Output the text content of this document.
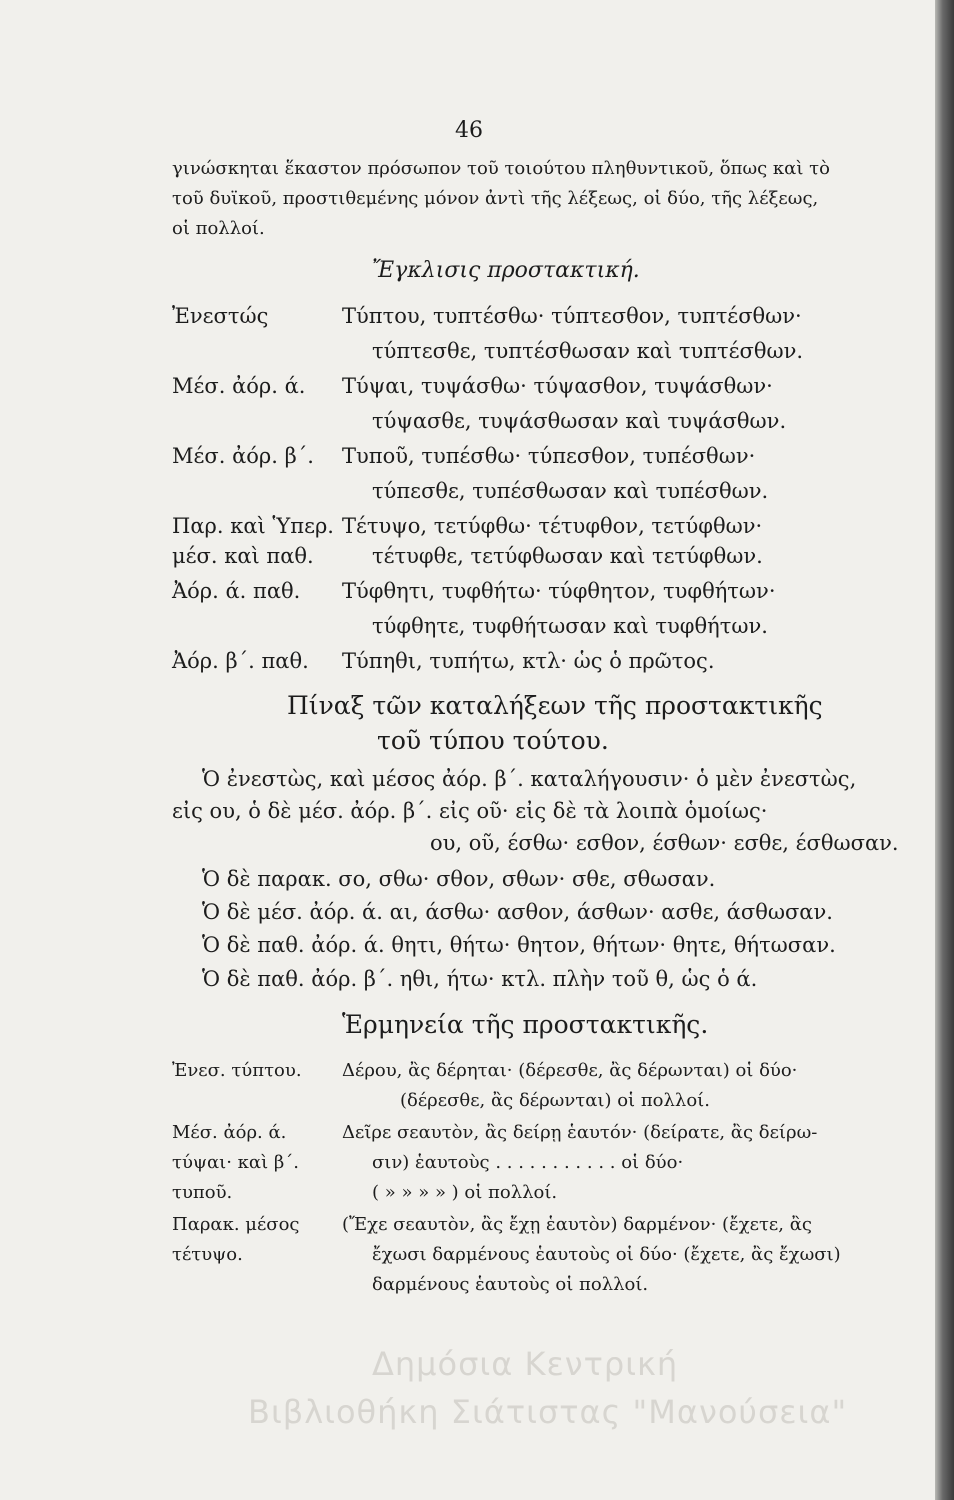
46
γινώσκηται ἕκαστον πρόσωπον τοῦ τοιούτου πληθυντικοῦ, ὅπως καὶ τὸ
τοῦ δυϊκοῦ, προστιθεμένης μόνον ἀντὶ τῆς λέξεως, οἱ δύο, τῆς λέξεως,
οἱ πολλοί.
Ἔγκλισις προστακτική.
Ἐνεστώς	Τύπτου, τυπτέσθω· τύπτεσθον, τυπτέσθων·
τύπτεσθε, τυπτέσθωσαν καὶ τυπτέσθων.
Μέσ. ἀόρ. ά. Τύψαι, τυψάσθω· τύψασθον, τυψάσθων·
τύψασθε, τυψάσθωσαν καὶ τυψάσθων.
Μέσ. ἀόρ. β΄. Τυποῦ, τυπέσθω· τύπεσθον, τυπέσθων·
τύπεσθε, τυπέσθωσαν καὶ τυπέσθων.
Παρ. καὶ Ὑπερ.
μέσ. καὶ παθ.
Τέτυψο, τετύφθω· τέτυφθον, τετύφθων·
τέτυφθε, τετύφθωσαν καὶ τετύφθων.
Ἀόρ. ά. παθ. Τύφθητι, τυφθήτω· τύφθητον, τυφθήτων·
τύφθητε, τυφθήτωσαν καὶ τυφθήτων.
Ἀόρ. β΄. παθ. Τύπηθι, τυπήτω, κτλ· ὡς ὁ πρῶτος.
Πίναξ τῶν καταλήξεων τῆς προστακτικῆς
τοῦ τύπου τούτου.
Ὁ ἐνεστὼς, καὶ μέσος ἀόρ. β΄. καταλήγουσιν· ὁ μὲν ἐνεστὼς,
εἰς ου, ὁ δὲ μέσ. ἀόρ. β΄. εἰς οῦ· εἰς δὲ τὰ λοιπὰ ὁμοίως·
ου, οῦ, έσθω· εσθον, έσθων· εσθε, έσθωσαν.
Ὁ δὲ παρακ. σο, σθω· σθον, σθων· σθε, σθωσαν.
Ὁ δὲ μέσ. ἀόρ. ά. αι, άσθω· ασθον, άσθων· ασθε, άσθωσαν.
Ὁ δὲ παθ. ἀόρ. ά. θητι, θήτω· θητον, θήτων· θητε, θήτωσαν.
Ὁ δὲ παθ. ἀόρ. β΄. ηθι, ήτω· κτλ. πλὴν τοῦ θ, ὡς ὁ ά.
Ἑρμηνεία τῆς προστακτικῆς.
Ἐνεσ. τύπτου.
Μέσ. ἀόρ. ά.
τύψαι· καὶ β΄.
τυποῦ.
Παρακ. μέσος
τέτυψο.
Δέρου, ἂς δέρηται· (δέρεσθε, ἂς δέρωνται) οἱ δύο·
(δέρεσθε, ἂς δέρωνται) οἱ πολλοί.
Δεῖρε σεαυτὸν, ἂς δείρῃ ἑαυτόν· (δείρατε, ἂς δείρω-
σιν) ἑαυτοὺς . . . . . . . . . . . οἱ δύο·
( » » » » ) οἱ πολλοί.
(Ἔχε σεαυτὸν, ἂς ἔχῃ ἑαυτὸν) δαρμένον· (ἔχετε, ἂς
ἔχωσι δαρμένους ἑαυτοὺς οἱ δύο· (ἔχετε, ἂς ἔχωσι)
δαρμένους ἑαυτοὺς οἱ πολλοί.
Δημόσια Κεντρική
Βιβλιοθήκη Σιάτιστας "Μανούσεια"
